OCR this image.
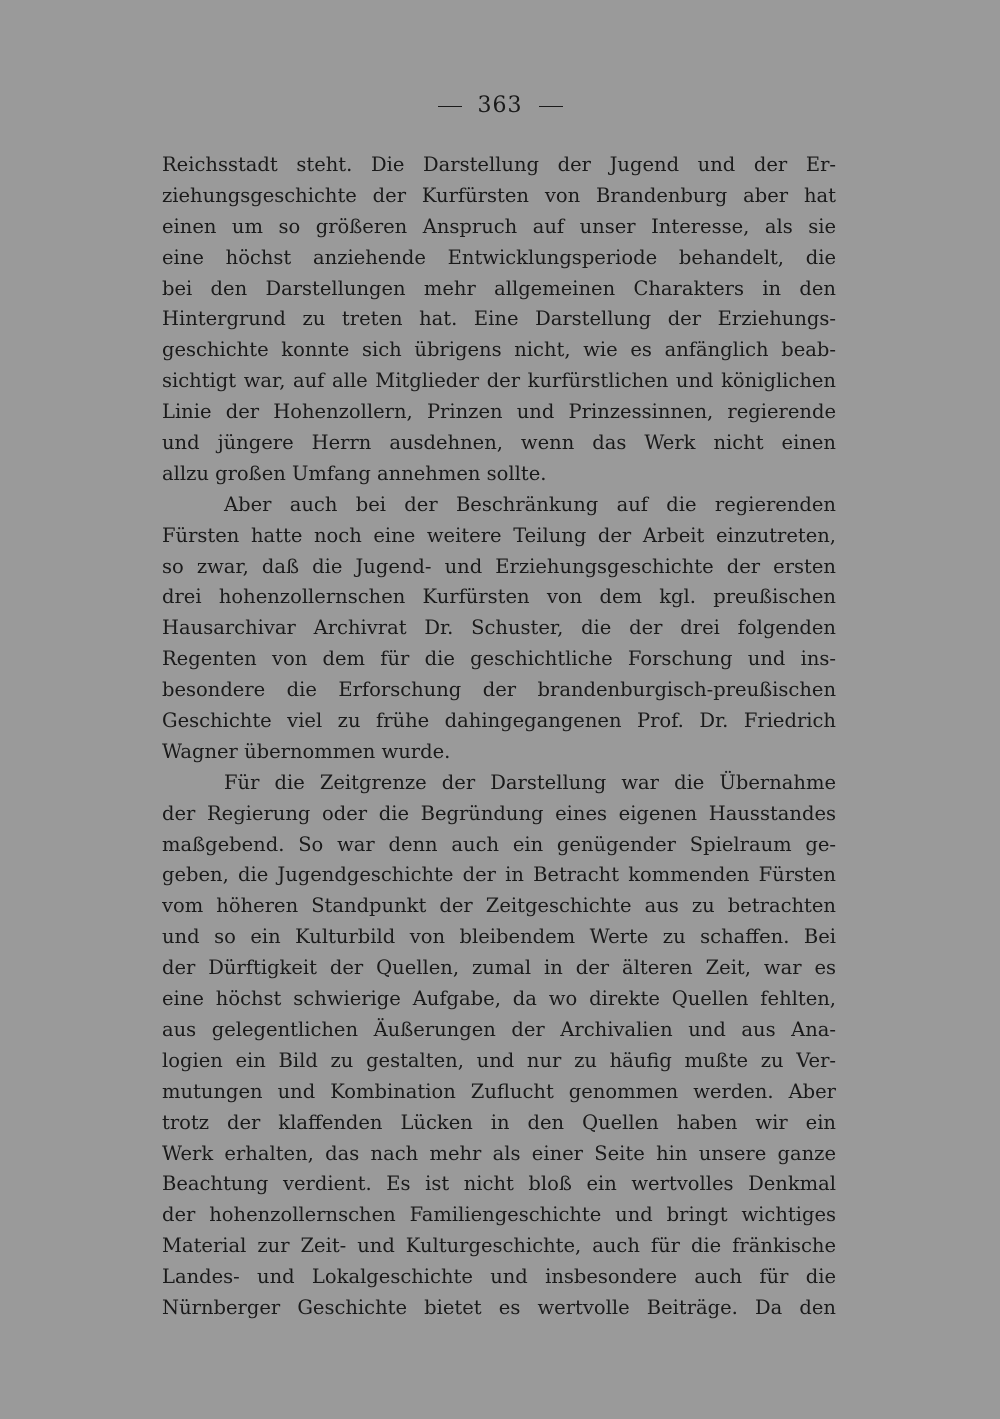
363
Reichsstadt steht. Die Darstellung der Jugend und der Er-
ziehungsgeschichte der Kurfürsten von Brandenburg aber hat
einen um so größeren Anspruch auf unser Interesse, als sie
eine höchst anziehende Entwicklungsperiode behandelt, die
bei den Darstellungen mehr allgemeinen Charakters in den
Hintergrund zu treten hat. Eine Darstellung der Erziehungs-
geschichte konnte sich übrigens nicht, wie es anfänglich beab-
sichtigt war, auf alle Mitglieder der kurfürstlichen und königlichen
Linie der Hohenzollern, Prinzen und Prinzessinnen, regierende
und jüngere Herrn ausdehnen, wenn das Werk nicht einen
allzu großen Umfang annehmen sollte.
Aber auch bei der Beschränkung auf die regierenden
Fürsten hatte noch eine weitere Teilung der Arbeit einzutreten,
so zwar, daß die Jugend- und Erziehungsgeschichte der ersten
drei hohenzollernschen Kurfürsten von dem kgl. preußischen
Hausarchivar Archivrat Dr. Schuster, die der drei folgenden
Regenten von dem für die geschichtliche Forschung und ins-
besondere die Erforschung der brandenburgisch-preußischen
Geschichte viel zu frühe dahingegangenen Prof. Dr. Friedrich
Wagner übernommen wurde.
Für die Zeitgrenze der Darstellung war die Übernahme
der Regierung oder die Begründung eines eigenen Hausstandes
maßgebend. So war denn auch ein genügender Spielraum ge-
geben, die Jugendgeschichte der in Betracht kommenden Fürsten
vom höheren Standpunkt der Zeitgeschichte aus zu betrachten
und so ein Kulturbild von bleibendem Werte zu schaffen. Bei
der Dürftigkeit der Quellen, zumal in der älteren Zeit, war es
eine höchst schwierige Aufgabe, da wo direkte Quellen fehlten,
aus gelegentlichen Äußerungen der Archivalien und aus Ana-
logien ein Bild zu gestalten, und nur zu häufig mußte zu Ver-
mutungen und Kombination Zuflucht genommen werden. Aber
trotz der klaffenden Lücken in den Quellen haben wir ein
Werk erhalten, das nach mehr als einer Seite hin unsere ganze
Beachtung verdient. Es ist nicht bloß ein wertvolles Denkmal
der hohenzollernschen Familiengeschichte und bringt wichtiges
Material zur Zeit- und Kulturgeschichte, auch für die fränkische
Landes- und Lokalgeschichte und insbesondere auch für die
Nürnberger Geschichte bietet es wertvolle Beiträge. Da den
